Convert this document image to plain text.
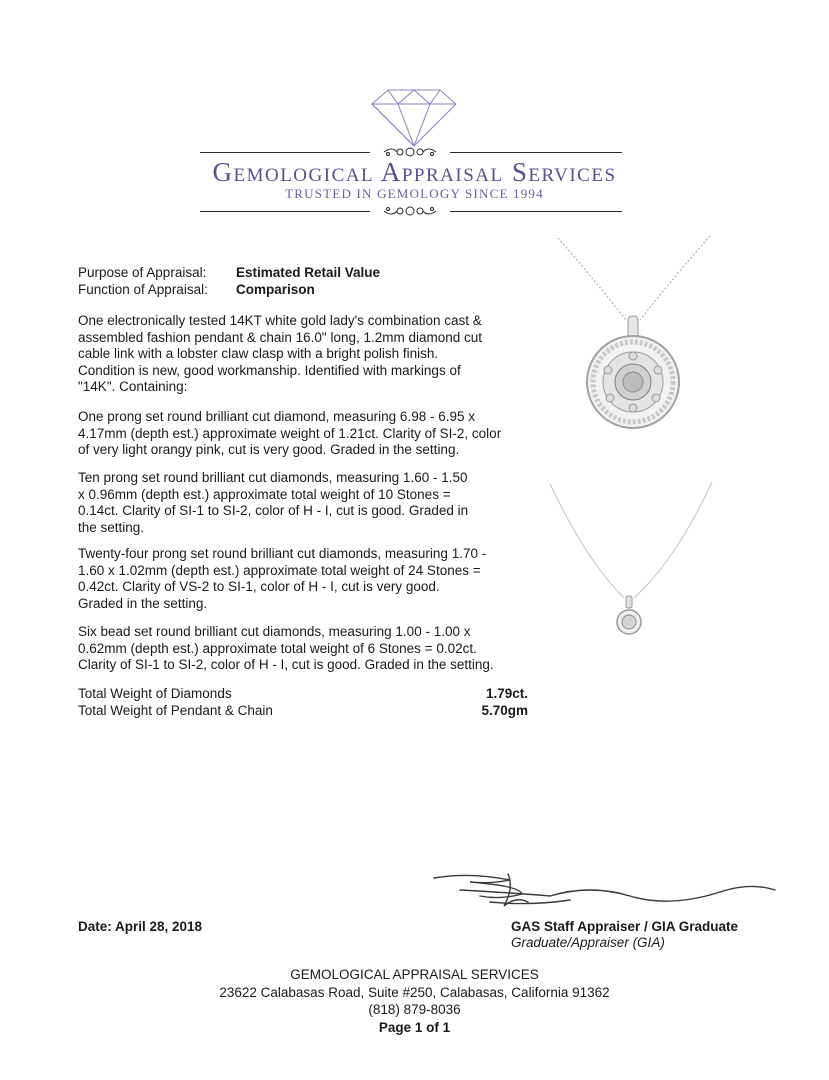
Gemological Appraisal Services
TRUSTED IN GEMOLOGY SINCE 1994
Purpose of Appraisal:	Estimated Retail Value
Function of Appraisal:	Comparison
One electronically tested 14KT white gold lady's combination cast & assembled fashion pendant & chain 16.0" long, 1.2mm diamond cut cable link with a lobster claw clasp with a bright polish finish. Condition is new, good workmanship. Identified with markings of "14K". Containing:
One prong set round brilliant cut diamond, measuring 6.98 - 6.95 x 4.17mm (depth est.) approximate weight of 1.21ct. Clarity of SI-2, color of very light orangy pink, cut is very good. Graded in the setting.
Ten prong set round brilliant cut diamonds, measuring 1.60 - 1.50 x 0.96mm (depth est.) approximate total weight of 10 Stones = 0.14ct. Clarity of SI-1 to SI-2, color of H - I, cut is good. Graded in the setting.
Twenty-four prong set round brilliant cut diamonds, measuring 1.70 - 1.60 x 1.02mm (depth est.) approximate total weight of 24 Stones = 0.42ct. Clarity of VS-2 to SI-1, color of H - I, cut is very good. Graded in the setting.
Six bead set round brilliant cut diamonds, measuring 1.00 - 1.00 x 0.62mm (depth est.) approximate total weight of 6 Stones = 0.02ct. Clarity of SI-1 to SI-2, color of H - I, cut is good. Graded in the setting.
Total Weight of Diamonds	1.79ct.
Total Weight of Pendant & Chain	5.70gm
Date: April 28, 2018	GAS Staff Appraiser / GIA Graduate
Graduate/Appraiser (GIA)
GEMOLOGICAL APPRAISAL SERVICES
23622 Calabasas Road, Suite #250, Calabasas, California 91362
(818) 879-8036
Page 1 of 1
